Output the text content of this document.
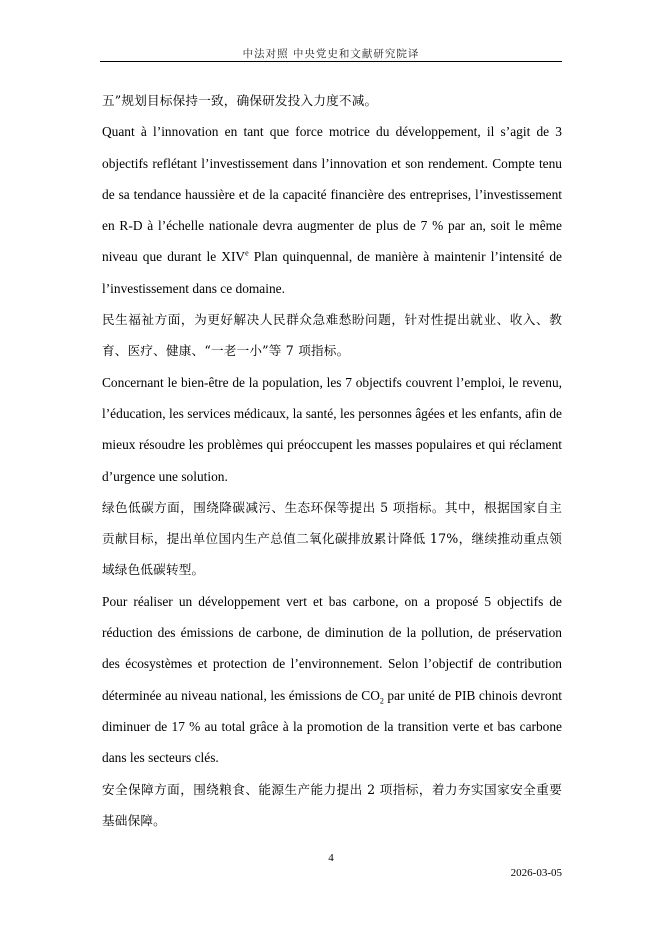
中法对照 中央党史和文献研究院译

五”规划目标保持一致，确保研发投入力度不减。

Quant à l’innovation en tant que force motrice du développement, il s’agit de 3 objectifs reflétant l’investissement dans l’innovation et son rendement. Compte tenu de sa tendance haussière et de la capacité financière des entreprises, l’investissement en R-D à l’échelle nationale devra augmenter de plus de 7 % par an, soit le même niveau que durant le XIVe Plan quinquennal, de manière à maintenir l’intensité de l’investissement dans ce domaine.

民生福祉方面，为更好解决人民群众急难愁盼问题，针对性提出就业、收入、教育、医疗、健康、“一老一小”等 7 项指标。

Concernant le bien-être de la population, les 7 objectifs couvrent l’emploi, le revenu, l’éducation, les services médicaux, la santé, les personnes âgées et les enfants, afin de mieux résoudre les problèmes qui préoccupent les masses populaires et qui réclament d’urgence une solution.

绿色低碳方面，围绕降碳减污、生态环保等提出 5 项指标。其中，根据国家自主贡献目标，提出单位国内生产总值二氧化碳排放累计降低 17%，继续推动重点领域绿色低碳转型。

Pour réaliser un développement vert et bas carbone, on a proposé 5 objectifs de réduction des émissions de carbone, de diminution de la pollution, de préservation des écosystèmes et protection de l’environnement. Selon l’objectif de contribution déterminée au niveau national, les émissions de $CO_2$ par unité de PIB chinois devront diminuer de 17 % au total grâce à la promotion de la transition verte et bas carbone dans les secteurs clés.

安全保障方面，围绕粮食、能源生产能力提出 2 项指标，着力夯实国家安全重要基础保障。

4
2026-03-05
